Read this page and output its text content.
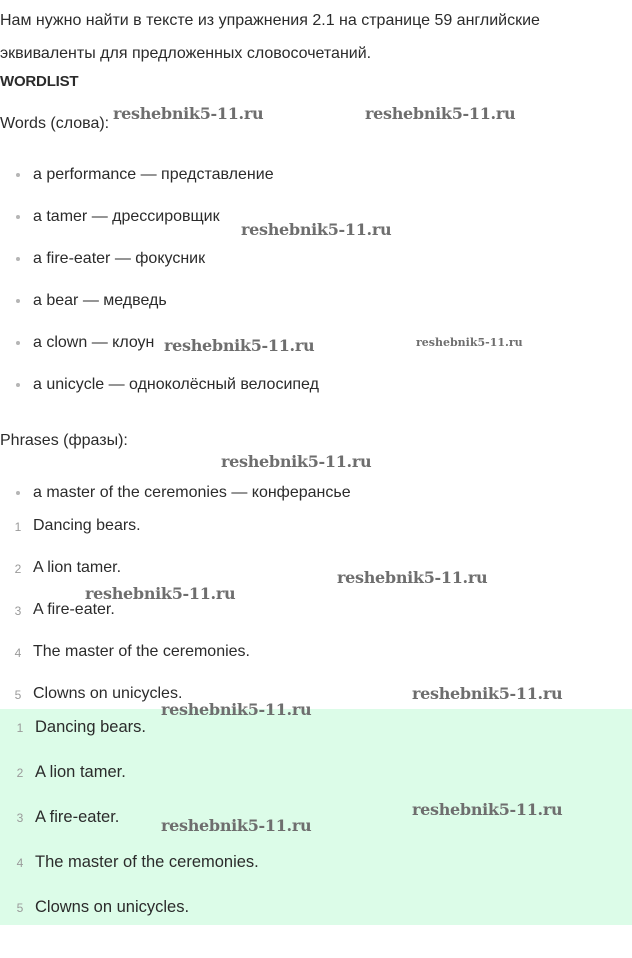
Нам нужно найти в тексте из упражнения 2.1 на странице 59 английские эквиваленты для предложенных словосочетаний.

WORDLIST

Words (слова):

a performance — представление
a tamer — дрессировщик
a fire-eater — фокусник
a bear — медведь
a clown — клоун
a unicycle — одноколёсный велосипед

Phrases (фразы):

a master of the ceremonies — конферансье
1 Dancing bears.
2 A lion tamer.
3 A fire-eater.
4 The master of the ceremonies.
5 Clowns on unicycles.
1 Dancing bears.
2 A lion tamer.
3 A fire-eater.
4 The master of the ceremonies.
5 Clowns on unicycles.
reshebnik5-11.ru	reshebnik5-11.ru
reshebnik5-11.ru
reshebnik5-11.ru	reshebnik5-11.ru
reshebnik5-11.ru
reshebnik5-11.ru
reshebnik5-11.ru
reshebnik5-11.ru
reshebnik5-11.ru
reshebnik5-11.ru
reshebnik5-11.ru
